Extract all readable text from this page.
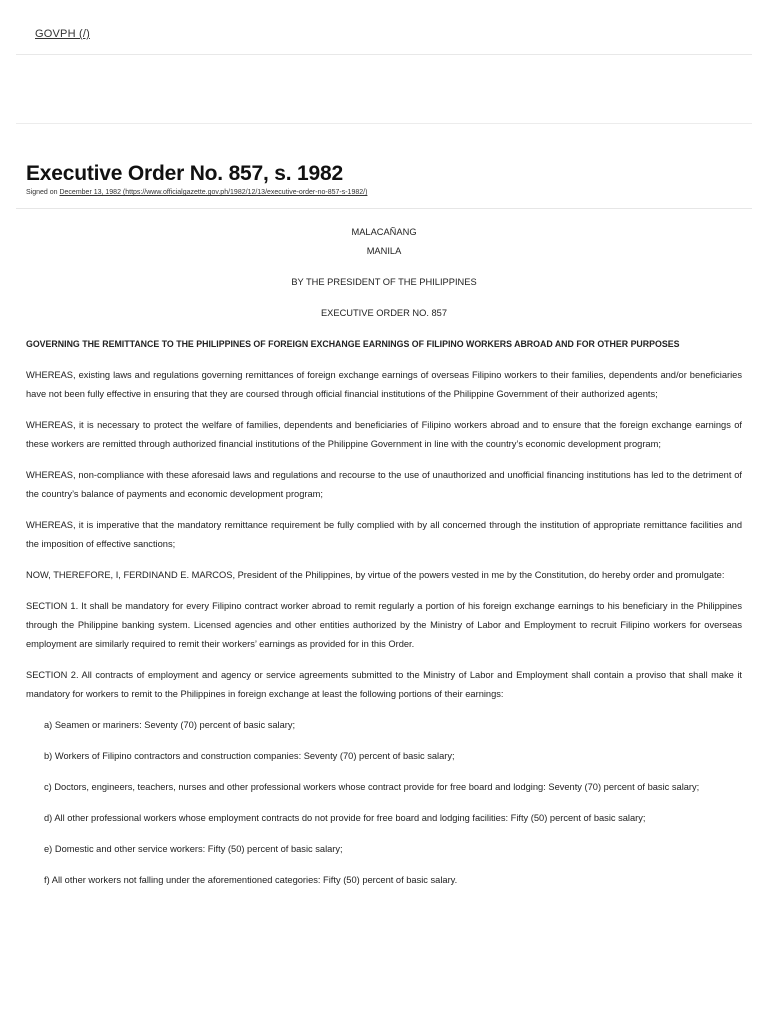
GOVPH (/)
Executive Order No. 857, s. 1982
Signed on December 13, 1982 (https://www.officialgazette.gov.ph/1982/12/13/executive-order-no-857-s-1982/)
MALACAÑANG
MANILA
BY THE PRESIDENT OF THE PHILIPPINES
EXECUTIVE ORDER NO. 857
GOVERNING THE REMITTANCE TO THE PHILIPPINES OF FOREIGN EXCHANGE EARNINGS OF FILIPINO WORKERS ABROAD AND FOR OTHER PURPOSES

WHEREAS, existing laws and regulations governing remittances of foreign exchange earnings of overseas Filipino workers to their families, dependents and/or beneficiaries have not been fully effective in ensuring that they are coursed through official financial institutions of the Philippine Government of their authorized agents;

WHEREAS, it is necessary to protect the welfare of families, dependents and beneficiaries of Filipino workers abroad and to ensure that the foreign exchange earnings of these workers are remitted through authorized financial institutions of the Philippine Government in line with the country’s economic development program;

WHEREAS, non-compliance with these aforesaid laws and regulations and recourse to the use of unauthorized and unofficial financing institutions has led to the detriment of the country’s balance of payments and economic development program;

WHEREAS, it is imperative that the mandatory remittance requirement be fully complied with by all concerned through the institution of appropriate remittance facilities and the imposition of effective sanctions;

NOW, THEREFORE, I, FERDINAND E. MARCOS, President of the Philippines, by virtue of the powers vested in me by the Constitution, do hereby order and promulgate:

SECTION 1. It shall be mandatory for every Filipino contract worker abroad to remit regularly a portion of his foreign exchange earnings to his beneficiary in the Philippines through the Philippine banking system. Licensed agencies and other entities authorized by the Ministry of Labor and Employment to recruit Filipino workers for overseas employment are similarly required to remit their workers’ earnings as provided for in this Order.

SECTION 2. All contracts of employment and agency or service agreements submitted to the Ministry of Labor and Employment shall contain a proviso that shall make it mandatory for workers to remit to the Philippines in foreign exchange at least the following portions of their earnings:

a) Seamen or mariners: Seventy (70) percent of basic salary;

b) Workers of Filipino contractors and construction companies: Seventy (70) percent of basic salary;

c) Doctors, engineers, teachers, nurses and other professional workers whose contract provide for free board and lodging: Seventy (70) percent of basic salary;

d) All other professional workers whose employment contracts do not provide for free board and lodging facilities: Fifty (50) percent of basic salary;

e) Domestic and other service workers: Fifty (50) percent of basic salary;

f) All other workers not falling under the aforementioned categories: Fifty (50) percent of basic salary.
